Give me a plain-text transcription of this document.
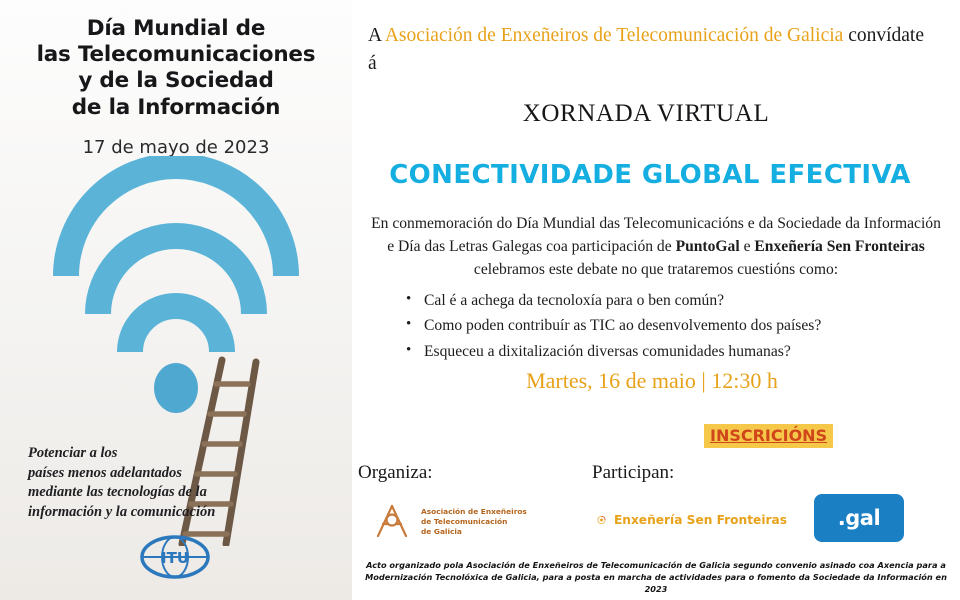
Día Mundial de
las Telecomunicaciones
y de la Sociedad
de la Información
17 de mayo de 2023
Potenciar a los
países menos adelantados
mediante las tecnologías de la
información y la comunicación
ITU
A Asociación de Enxeñeiros de Telecomunicación de Galicia convídate á
XORNADA VIRTUAL
CONECTIVIDADE GLOBAL EFECTIVA
En conmemoración do Día Mundial das Telecomunicacións e da Sociedade da Información e Día das Letras Galegas coa participación de PuntoGal e Enxeñería Sen Fronteiras celebramos este debate no que trataremos cuestións como:
• Cal é a achega da tecnoloxía para o ben común?
• Como poden contribuír as TIC ao desenvolvemento dos países?
• Esqueceu a dixitalización diversas comunidades humanas?
Martes, 16 de maio | 12:30 h
INSCRICIÓNS
Organiza:	Participan:
Asociación de Enxeñeiros
de Telecomunicación
de Galicia
Enxeñería Sen Fronteiras .gal
Acto organizado pola Asociación de Enxeñeiros de Telecomunicación de Galicia segundo convenio asinado coa Axencia para a
Modernización Tecnolóxica de Galicia, para a posta en marcha de actividades para o fomento da Sociedade da Información en 2023
